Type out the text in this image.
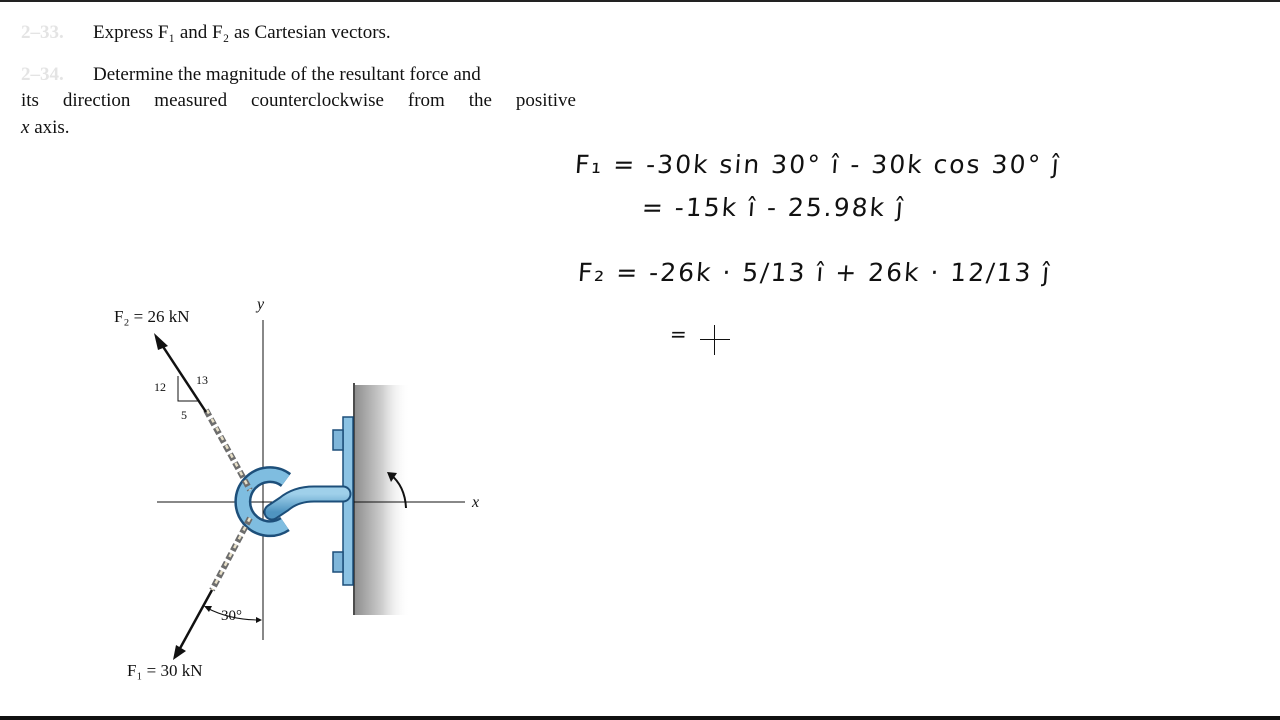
2–33. Express F₁ and F₂ as Cartesian vectors.
2–34. Determine the magnitude of the resultant force and
its direction measured counterclockwise from the positive
x axis.
F₂ = 26 kN
13
12
5
y
x
30°
F₁ = 30 kN
F₁ = -30k sin 30° î - 30k cos 30° ĵ
= -15k î - 25.98k ĵ
F₂ = -26k · 5/13 î + 26k · 12/13 ĵ
=
